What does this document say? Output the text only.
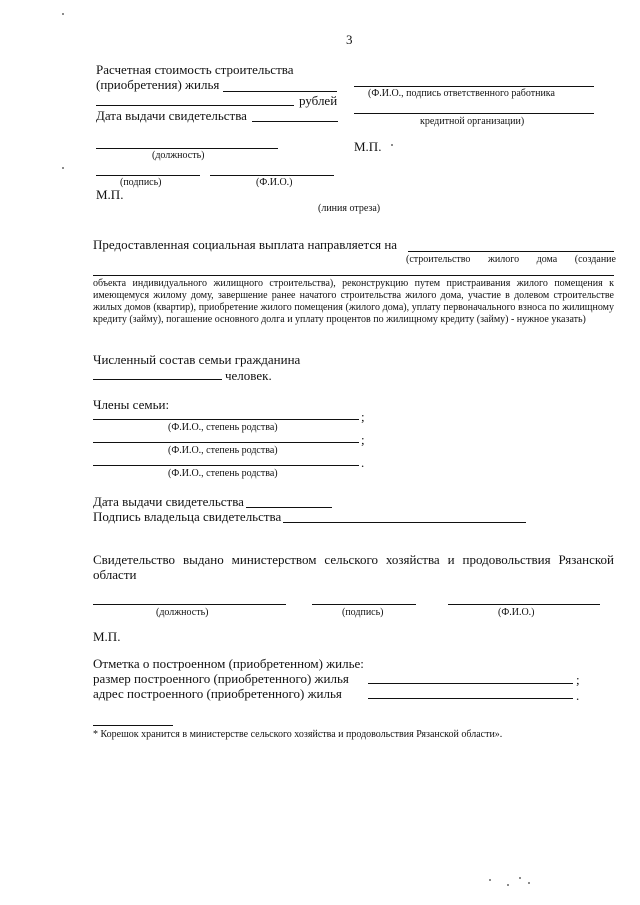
3
Расчетная стоимость строительства
(приобретения) жилья
рублей
Дата выдачи свидетельства
(должность)
(подпись)	(Ф.И.О.)
М.П.
(Ф.И.О., подпись ответственного работника
кредитной организации)
М.П.
(линия отреза)
Предоставленная социальная выплата направляется на
(строительство жилого дома (создание
объекта индивидуального жилищного строительства), реконструкцию путем пристраивания жилого помещения к имеющемуся жилому дому, завершение ранее начатого строительства жилого дома, участие в долевом строительстве жилых домов (квартир), приобретение жилого помещения (жилого дома), уплату первоначального взноса по жилищному кредиту (займу), погашение основного долга и уплату процентов по жилищному кредиту (займу) - нужное указать)
Численный состав семьи гражданина
человек.
Члены семьи:
;
(Ф.И.О., степень родства)
;
(Ф.И.О., степень родства)
.
(Ф.И.О., степень родства)
Дата выдачи свидетельства
Подпись владельца свидетельства
Свидетельство выдано министерством сельского хозяйства и продовольствия Рязанской
области
(должность)	(подпись)	(Ф.И.О.)
М.П.
Отметка о построенном (приобретенном) жилье:
размер построенного (приобретенного) жилья	;
адрес построенного (приобретенного) жилья	.
* Корешок хранится в министерстве сельского хозяйства и продовольствия Рязанской области».
